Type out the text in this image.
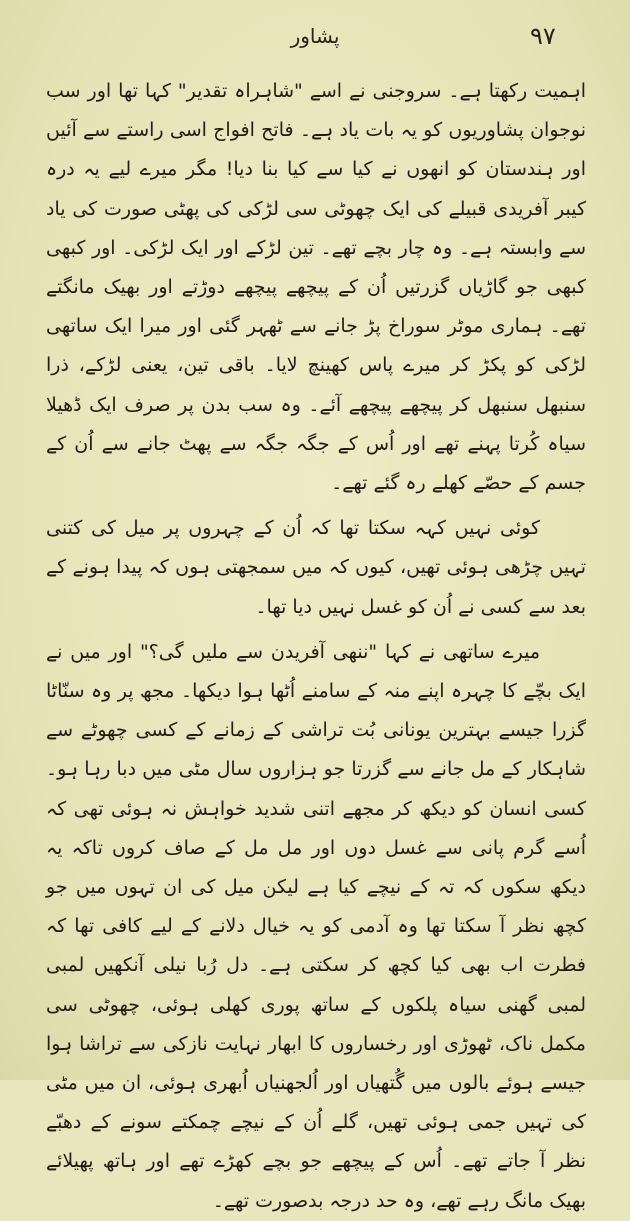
پشاور	۹۷

اہمیت رکھتا ہے۔ سروجنی نے اسے "شاہراہ تقدیر" کہا تھا اور سب نوجوان پشاوریوں کو یہ بات یاد ہے۔ فاتح افواج اسی راستے سے آئیں اور ہندستان کو انھوں نے کیا سے کیا بنا دیا! مگر میرے لیے یہ درہ کیبر آفریدی قبیلے کی ایک چھوٹی سی لڑکی کی پھٹی صورت کی یاد سے وابستہ ہے۔ وہ چار بچے تھے۔ تین لڑکے اور ایک لڑکی۔ اور کبھی کبھی جو گاڑیاں گزرتیں اُن کے پیچھے پیچھے دوڑتے اور بھیک مانگتے تھے۔ ہماری موٹر سوراخ پڑ جانے سے ٹھہر گئی اور میرا ایک ساتھی لڑکی کو پکڑ کر میرے پاس کھینچ لایا۔ باقی تین، یعنی لڑکے، ذرا سنبھل سنبھل کر پیچھے پیچھے آئے۔ وہ سب بدن پر صرف ایک ڈھیلا سیاہ کُرتا پہنے تھے اور اُس کے جگہ جگہ سے پھٹ جانے سے اُن کے جسم کے حصّے کھلے رہ گئے تھے۔

کوئی نہیں کہہ سکتا تھا کہ اُن کے چہروں پر میل کی کتنی تہیں چڑھی ہوئی تھیں، کیوں کہ میں سمجھتی ہوں کہ پیدا ہونے کے بعد سے کسی نے اُن کو غسل نہیں دیا تھا۔

میرے ساتھی نے کہا "ننھی آفریدن سے ملیں گی؟" اور میں نے ایک بچّے کا چہرہ اپنے منہ کے سامنے اُٹھا ہوا دیکھا۔ مجھ پر وہ سنّاٹا گزرا جیسے بہترین یونانی بُت تراشی کے زمانے کے کسی چھوٹے سے شاہکار کے مل جانے سے گزرتا جو ہزاروں سال مٹی میں دبا رہا ہو۔ کسی انسان کو دیکھ کر مجھے اتنی شدید خواہش نہ ہوئی تھی کہ اُسے گرم پانی سے غسل دوں اور مل مل کے صاف کروں تاکہ یہ دیکھ سکوں کہ تہ کے نیچے کیا ہے لیکن میل کی ان تہوں میں جو کچھ نظر آ سکتا تھا وہ آدمی کو یہ خیال دلانے کے لیے کافی تھا کہ فطرت اب بھی کیا کچھ کر سکتی ہے۔ دل رُبا نیلی آنکھیں لمبی لمبی گھنی سیاہ پلکوں کے ساتھ پوری کھلی ہوئی، چھوٹی سی مکمل ناک، ٹھوڑی اور رخساروں کا ابھار نہایت نازکی سے تراشا ہوا جیسے ہوئے بالوں میں گُتھیاں اور اُلجھنیاں اُبھری ہوئی، ان میں مٹی کی تہیں جمی ہوئی تھیں، گلے اُن کے نیچے چمکتے سونے کے دھبّے نظر آ جاتے تھے۔ اُس کے پیچھے جو بچے کھڑے تھے اور ہاتھ پھیلائے بھیک مانگ رہے تھے، وہ حد درجہ بدصورت تھے۔
